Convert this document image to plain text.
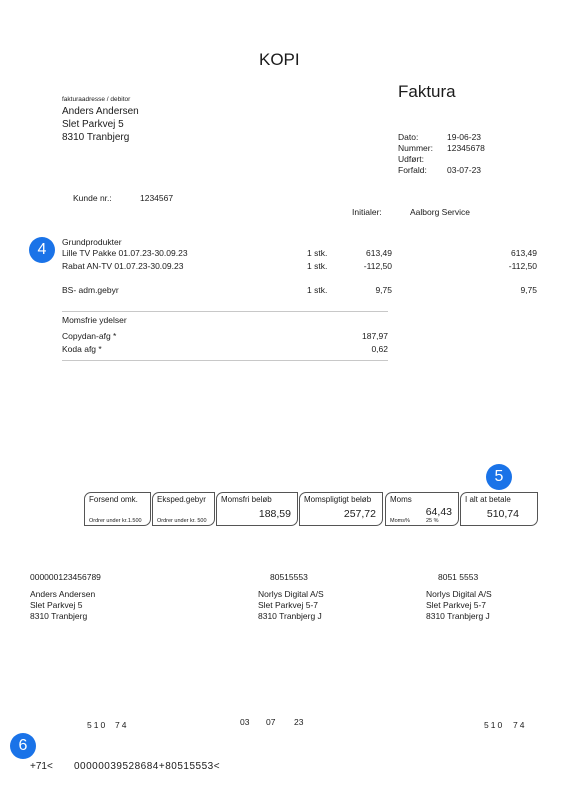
KOPI
Faktura
fakturaadresse / debitor
Anders Andersen
Slet Parkvej 5
8310 Tranbjerg	Dato:	19-06-23
Nummer: 12345678
Udført:
Forfald: 03-07-23
Kunde nr.:	1234567
Initialer:	Aalborg Service
4	Grundprodukter
Lille TV Pakke 01.07.23-30.09.23	1 stk.	613,49	613,49
Rabat AN-TV 01.07.23-30.09.23	1 stk.	-112,50	-112,50
BS- adm.gebyr	1 stk.	9,75	9,75
Momsfrie ydelser
Copydan-afg *	187,97
Koda afg *	0,62
5
Forsend omk.
Ordrer under kr.1.500
Eksped.gebyr
Ordrer under kr. 500
Momsfri beløb
188,59
Momspligtigt beløb
257,72
Moms
64,43
Moms%	25 %
I alt at betale
510,74
000000123456789
Anders Andersen
Slet Parkvej 5
8310 Tranbjerg
80515553
Norlys Digital A/S
Slet Parkvej 5-7
8310 Tranbjerg J
8051 5553
Norlys Digital A/S
Slet Parkvej 5-7
8310 Tranbjerg J
510 74	03 07 23	510 74
6
+71< 00000039528684+80515553<
